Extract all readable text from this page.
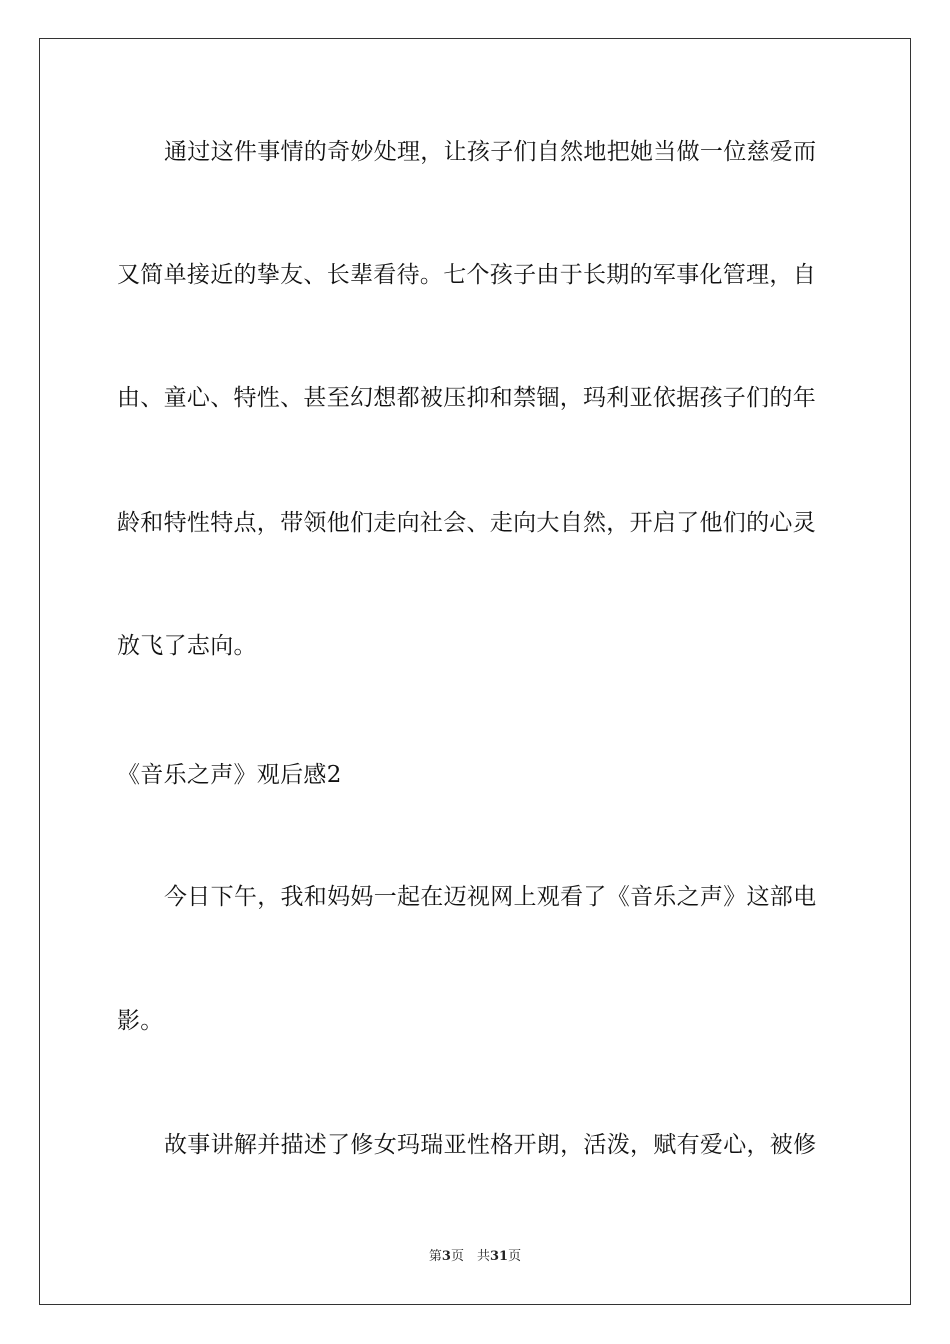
通过这件事情的奇妙处理，让孩子们自然地把她当做一位慈爱而
又简单接近的挚友、长辈看待。七个孩子由于长期的军事化管理，自
由、童心、特性、甚至幻想都被压抑和禁锢，玛利亚依据孩子们的年
龄和特性特点，带领他们走向社会、走向大自然，开启了他们的心灵
放飞了志向。
《音乐之声》观后感2
今日下午，我和妈妈一起在迈视网上观看了《音乐之声》这部电
影。
故事讲解并描述了修女玛瑞亚性格开朗，活泼，赋有爱心，被修
第3页　共31页
